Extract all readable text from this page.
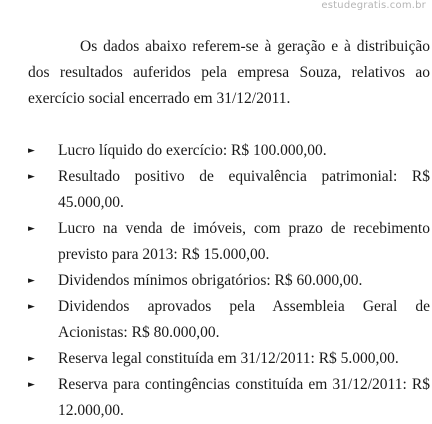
estudegratis.com.br

Os dados abaixo referem-se à geração e à distribuição dos resultados auferidos pela empresa Souza, relativos ao exercício social encerrado em 31/12/2011.

► Lucro líquido do exercício: R$ 100.000,00.
► Resultado positivo de equivalência patrimonial: R$ 45.000,00.
► Lucro na venda de imóveis, com prazo de recebimento previsto para 2013: R$ 15.000,00.
► Dividendos mínimos obrigatórios: R$ 60.000,00.
► Dividendos aprovados pela Assembleia Geral de Acionistas: R$ 80.000,00.
► Reserva legal constituída em 31/12/2011: R$ 5.000,00.
► Reserva para contingências constituída em 31/12/2011: R$ 12.000,00.
